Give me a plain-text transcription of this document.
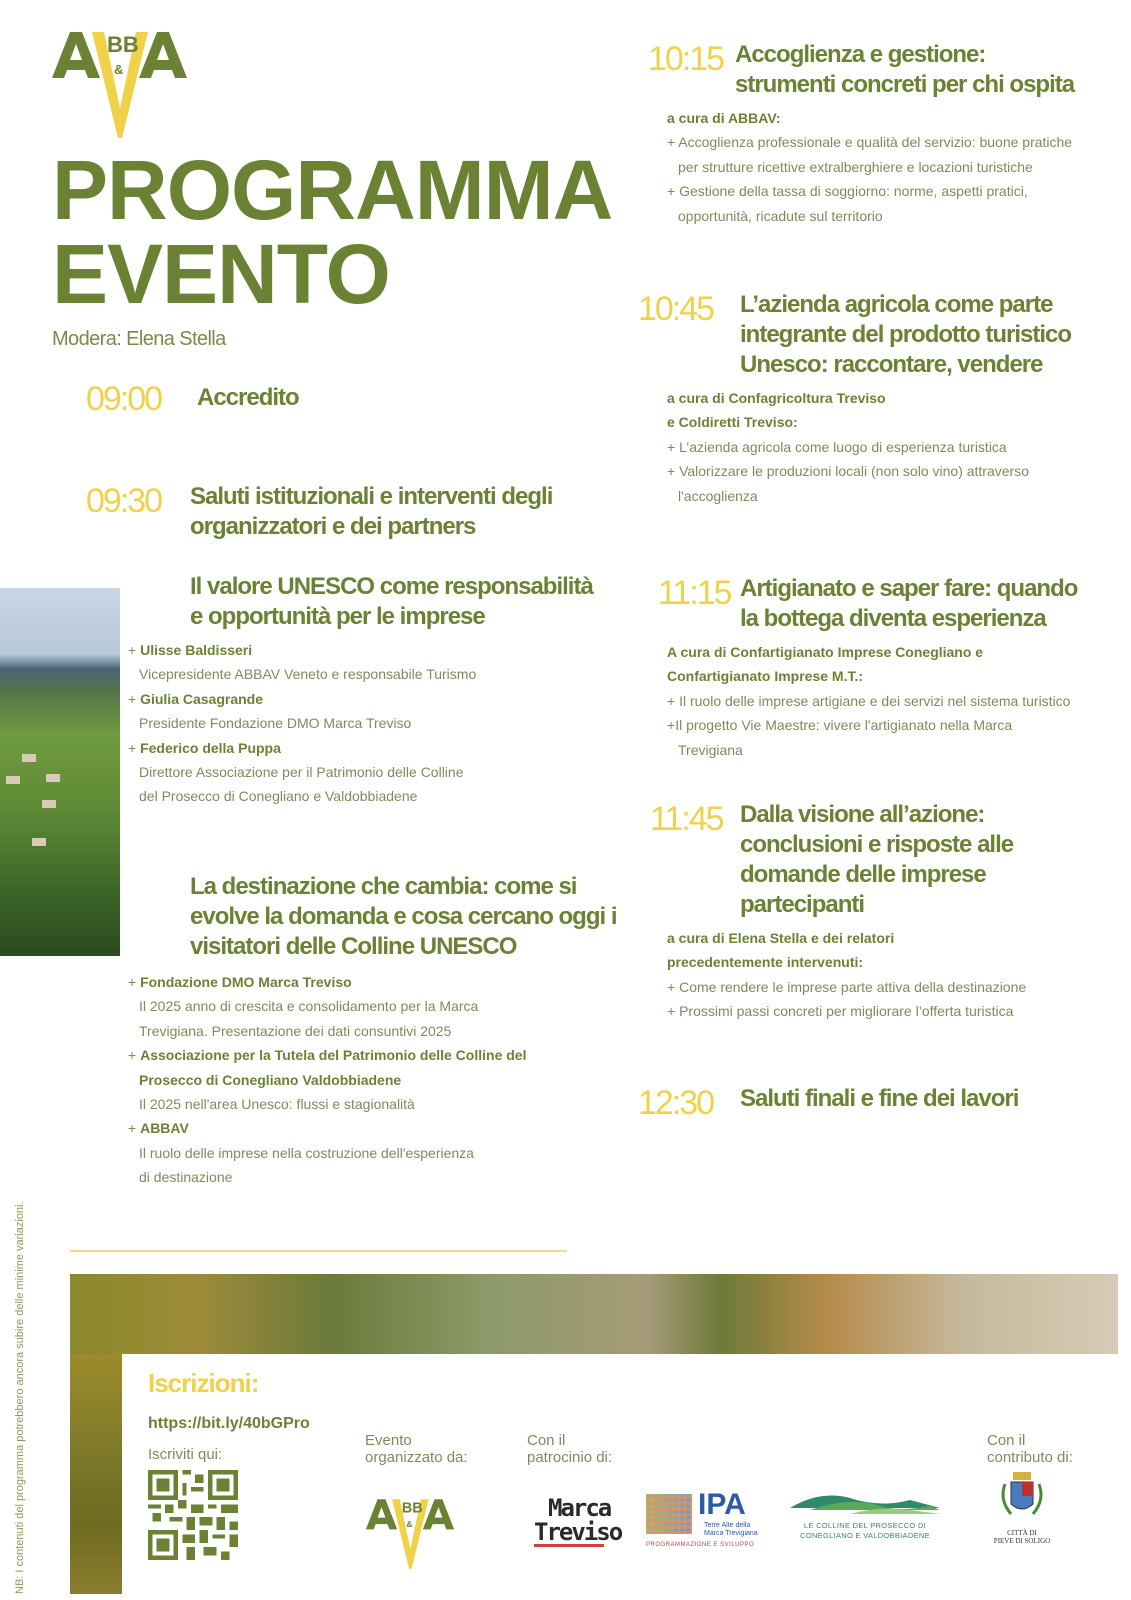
BB
&
PROGRAMMA
EVENTO
Modera: Elena Stella
09:00 Accredito
09:30 Saluti istituzionali e interventi degli
organizzatori e dei partners
Il valore UNESCO come responsabilità
e opportunità per le imprese
+ Ulisse Baldisseri
Vicepresidente ABBAV Veneto e responsabile Turismo
+ Giulia Casagrande
Presidente Fondazione DMO Marca Treviso
+ Federico della Puppa
Direttore Associazione per il Patrimonio delle Colline
del Prosecco di Conegliano e Valdobbiadene
La destinazione che cambia: come si
evolve la domanda e cosa cercano oggi i
visitatori delle Colline UNESCO
+ Fondazione DMO Marca Treviso
Il 2025 anno di crescita e consolidamento per la Marca
Trevigiana. Presentazione dei dati consuntivi 2025
+ Associazione per la Tutela del Patrimonio delle Colline del
Prosecco di Conegliano Valdobbiadene
Il 2025 nell'area Unesco: flussi e stagionalità
+ ABBAV
Il ruolo delle imprese nella costruzione dell'esperienza
di destinazione
10:15 Accoglienza e gestione:
strumenti concreti per chi ospita
a cura di ABBAV:
+ Accoglienza professionale e qualità del servizio: buone pratiche
per strutture ricettive extralberghiere e locazioni turistiche
+ Gestione della tassa di soggiorno: norme, aspetti pratici,
opportunità, ricadute sul territorio
10:45 L’azienda agricola come parte
integrante del prodotto turistico
Unesco: raccontare, vendere
a cura di Confagricoltura Treviso
e Coldiretti Treviso:
+ L’azienda agricola come luogo di esperienza turistica
+ Valorizzare le produzioni locali (non solo vino) attraverso
l'accoglienza
11:15 Artigianato e saper fare: quando
la bottega diventa esperienza
A cura di Confartigianato Imprese Conegliano e
Confartigianato Imprese M.T.:
+ Il ruolo delle imprese artigiane e dei servizi nel sistema turistico
+Il progetto Vie Maestre: vivere l'artigianato nella Marca
Trevigiana
11:45 Dalla visione all’azione:
conclusioni e risposte alle
domande delle imprese
partecipanti
a cura di Elena Stella e dei relatori
precedentemente intervenuti:
+ Come rendere le imprese parte attiva della destinazione
+ Prossimi passi concreti per migliorare l’offerta turistica
12:30 Saluti finali e fine dei lavori
Iscrizioni:
https://bit.ly/40bGPro
Iscriviti qui:
Evento
organizzato da:
BB
&
Con il
patrocinio di:
Marca
Treviso
IPA
Terre Alte della
Marca Trevigiana
PROGRAMMAZIONE E SVILUPPO
LE COLLINE DEL PROSECCO DI
CONEGLIANO E VALDOBBIADENE
Con il
contributo di:
CITTÀ DI
PIEVE DI SOLIGO
NB: I contenuti del programma potrebbero ancora subire delle minime variazioni.
